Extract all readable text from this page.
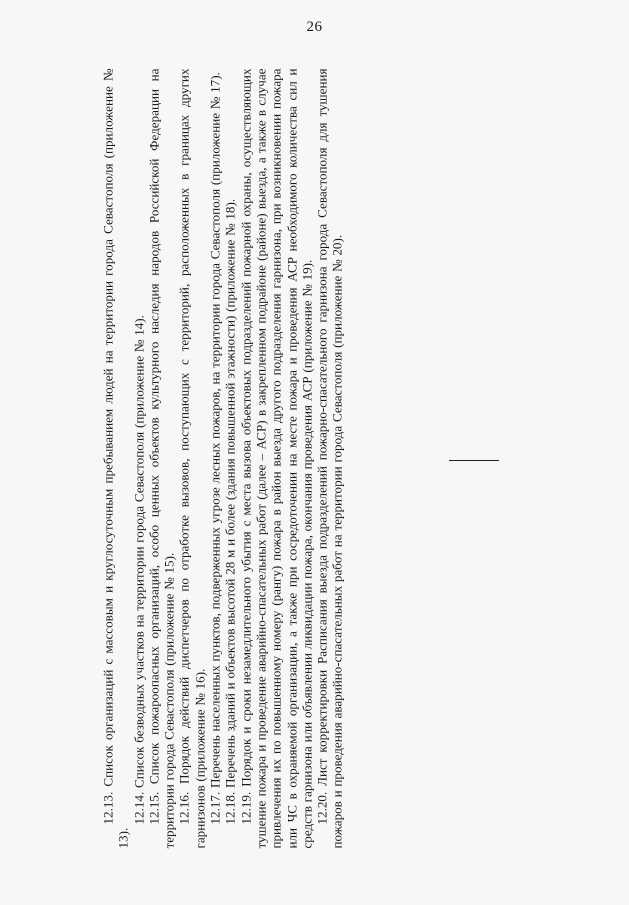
26

12.13. Список организаций с массовым и круглосуточным пребыванием людей на территории города Севастополя (приложение № 13).

12.14. Список безводных участков на территории города Севастополя (приложение № 14). 12.15. Список пожароопасных организаций, особо ценных объектов культурного наследия народов Российской Федерации на территории города Севастополя (приложение № 15). 12.16. Порядок действий диспетчеров по отработке вызовов, поступающих с территорий, расположенных в границах других гарнизонов (приложение № 16). 12.17. Перечень населенных пунктов, подверженных угрозе лесных пожаров, на территории города Севастополя (приложение № 17). 12.18. Перечень зданий и объектов высотой 28 м и более (здания повышенной этажности) (приложение № 18). 12.19. Порядок и сроки незамедлительного убытия с места вызова объектовых подразделений пожарной охраны, осуществляющих тушение пожара и проведение аварийно-спасательных работ (далее – АСР) в закрепленном подрайоне (районе) выезда, а также в случае привлечения их по повышенному номеру (рангу) пожара в район выезда другого подразделения гарнизона, при возникновении пожара или ЧС в охраняемой организации, а также при сосредоточении на месте пожара и проведения АСР необходимого количества сил и средств гарнизона или объявлении ликвидации пожара, окончания проведения АСР (приложение № 19). 12.20. Лист корректировки Расписания выезда подразделений пожарно-спасательного гарнизона города Севастополя для тушения пожаров и проведения аварийно-спасательных работ на территории города Севастополя (приложение № 20).
